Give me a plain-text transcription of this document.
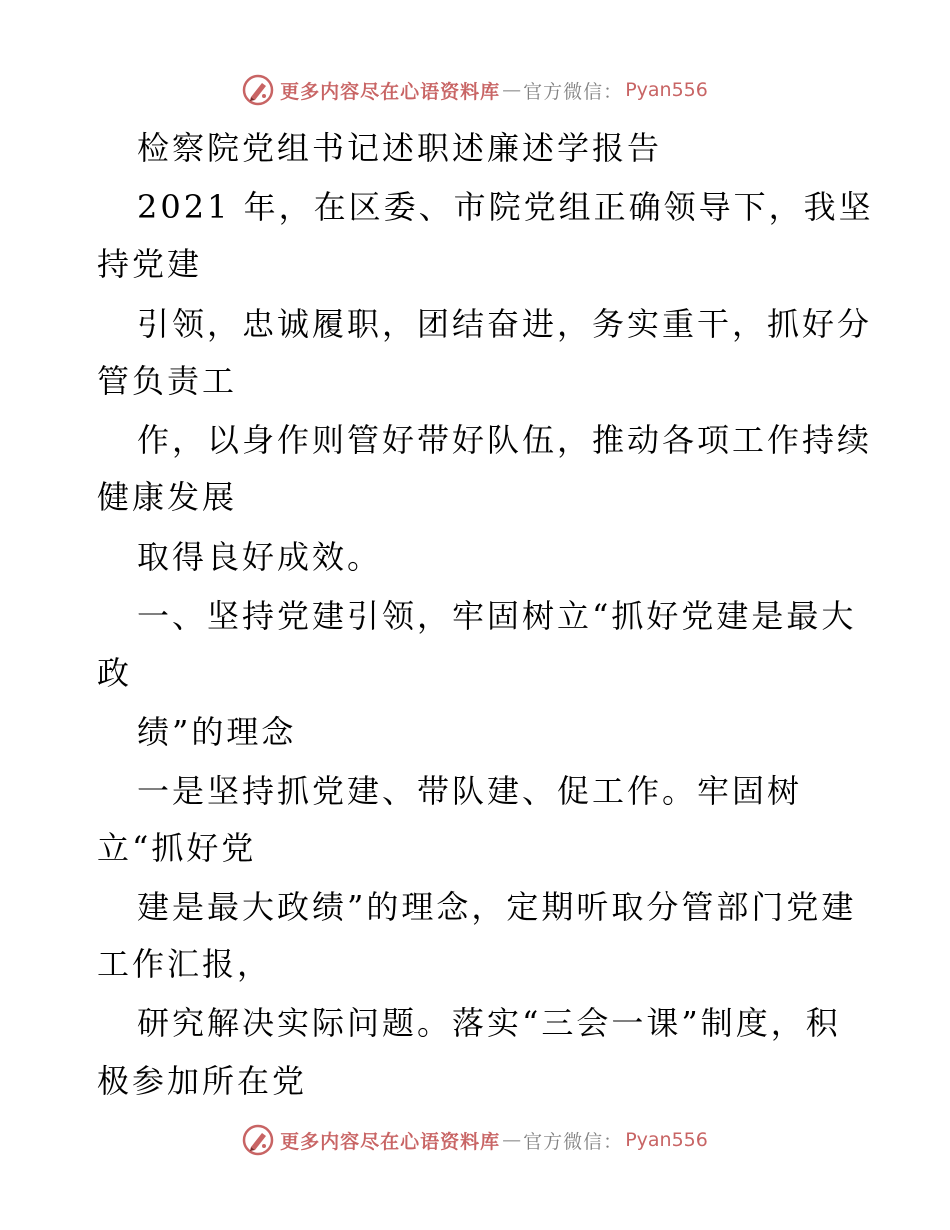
更多内容尽在心语资料库 — 官方微信： Pyan556
检察院党组书记述职述廉述学报告
2021 年，在区委、市院党组正确领导下，我坚
持党建
引领，忠诚履职，团结奋进，务实重干，抓好分
管负责工
作，以身作则管好带好队伍，推动各项工作持续
健康发展
取得良好成效。
一、坚持党建引领，牢固树立“抓好党建是最大
政
绩”的理念
一是坚持抓党建、带队建、促工作。牢固树
立“抓好党
建是最大政绩”的理念，定期听取分管部门党建
工作汇报，
研究解决实际问题。落实“三会一课”制度，积
极参加所在党
更多内容尽在心语资料库 — 官方微信： Pyan556
